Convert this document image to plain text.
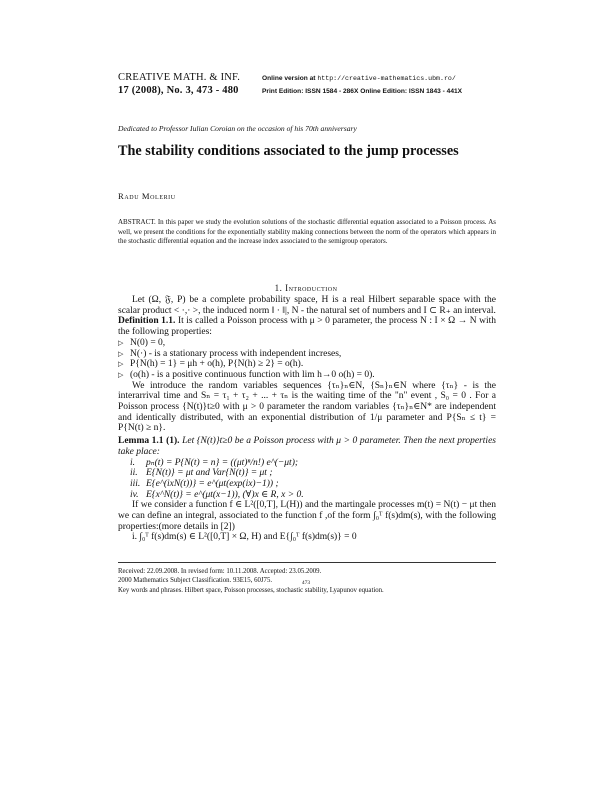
CREATIVE MATH. & INF.
17 (2008), No. 3, 473 - 480
Online version at http://creative-mathematics.ubm.ro/
Print Edition: ISSN 1584 - 286X Online Edition: ISSN 1843 - 441X
Dedicated to Professor Iulian Coroian on the occasion of his 70th anniversary
The stability conditions associated to the jump processes
Radu Moleriu
ABSTRACT. In this paper we study the evolution solutions of the stochastic differential equation associated to a Poisson process. As well, we present the conditions for the exponentially stability making connections between the norm of the operators which appears in the stochastic differential equation and the increase index associated to the semigroup operators.
1. Introduction

Let (Ω, 𝔉, P) be a complete probability space, H is a real Hilbert separable space with the scalar product < ·,· >, the induced norm ‖ · ‖|, N - the natural set of numbers and I ⊂ R₊ an interval.

Definition 1.1. It is called a Poisson process with μ > 0 parameter, the process N : I × Ω → N with the following properties:

▷ N(0) = 0,
▷ N(·) - is a stationary process with independent increses,
▷ P{N(h) = 1} = μh + o(h), P{N(h) ≥ 2} = o(h).
▷ (o(h) - is a positive continuous function with lim h→0 o(h) = 0).

We introduce the random variables sequences {τₙ}ₙ∈N, {Sₙ}ₙ∈N where {τₙ} - is the interarrival time and Sₙ = τ₁ + τ₂ + ... + τₙ is the waiting time of the "n" event , S₀ = 0 . For a Poisson process {N(t)}t≥0 with μ > 0 parameter the random variables {τₙ}ₙ∈N* are independent and identically distributed, with an exponential distribution of 1/μ parameter and P{Sₙ ≤ t} = P{N(t) ≥ n}.

Lemma 1.1 (1). Let {N(t)}t≥0 be a Poisson process with μ > 0 parameter. Then the next properties take place:

i. pₙ(t) = P{N(t) = n} = ((μt)ⁿ/n!) e^(−μt);
ii. E{N(t)} = μt and Var{N(t)} = μt ;
iii. E{e^(ixN(t))} = e^(μt(exp(ix)−1)) ;
iv. E{x^N(t)} = e^(μt(x−1)), (∀)x ∈ R, x > 0.

If we consider a function f ∈ L²([0,T], L(H)) and the martingale processes m(t) = N(t) − μt then we can define an integral, associated to the function f ,of the form ∫₀ᵀ f(s)dm(s), with the following properties:(more details in [2])

i. ∫₀ᵀ f(s)dm(s) ∈ L²([0,T] × Ω, H) and E{∫₀ᵀ f(s)dm(s)} = 0

Received: 22.09.2008. In revised form: 10.11.2008. Accepted: 23.05.2009.
2000 Mathematics Subject Classification. 93E15, 60J75.
Key words and phrases. Hilbert space, Poisson processes, stochastic stability, Lyapunov equation.
473
